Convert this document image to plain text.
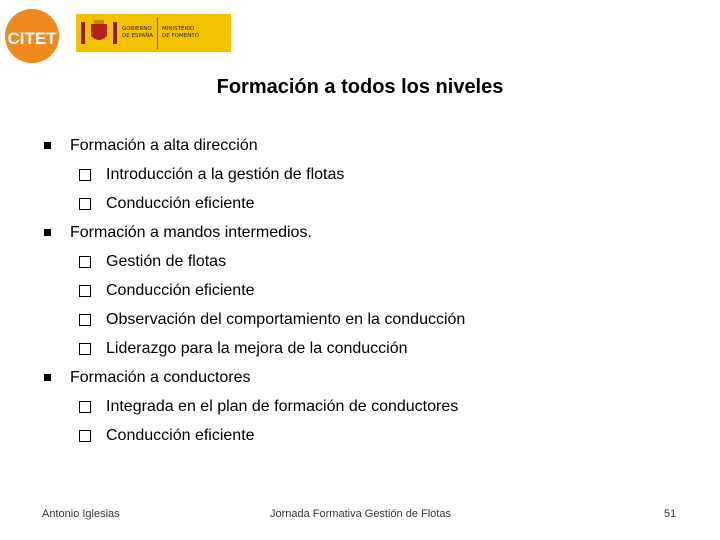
CITET	GOBIERNO
DE ESPAÑA
MINISTERIO
DE FOMENTO
Formación a todos los niveles
Formación a alta dirección
Introducción a la gestión de flotas
Conducción eficiente
Formación a mandos intermedios.
Gestión de flotas
Conducción eficiente
Observación del comportamiento en la conducción
Liderazgo para la mejora de la conducción
Formación a conductores
Integrada en el plan de formación de conductores
Conducción eficiente
Antonio Iglesias	Jornada Formativa Gestión de Flotas	51
